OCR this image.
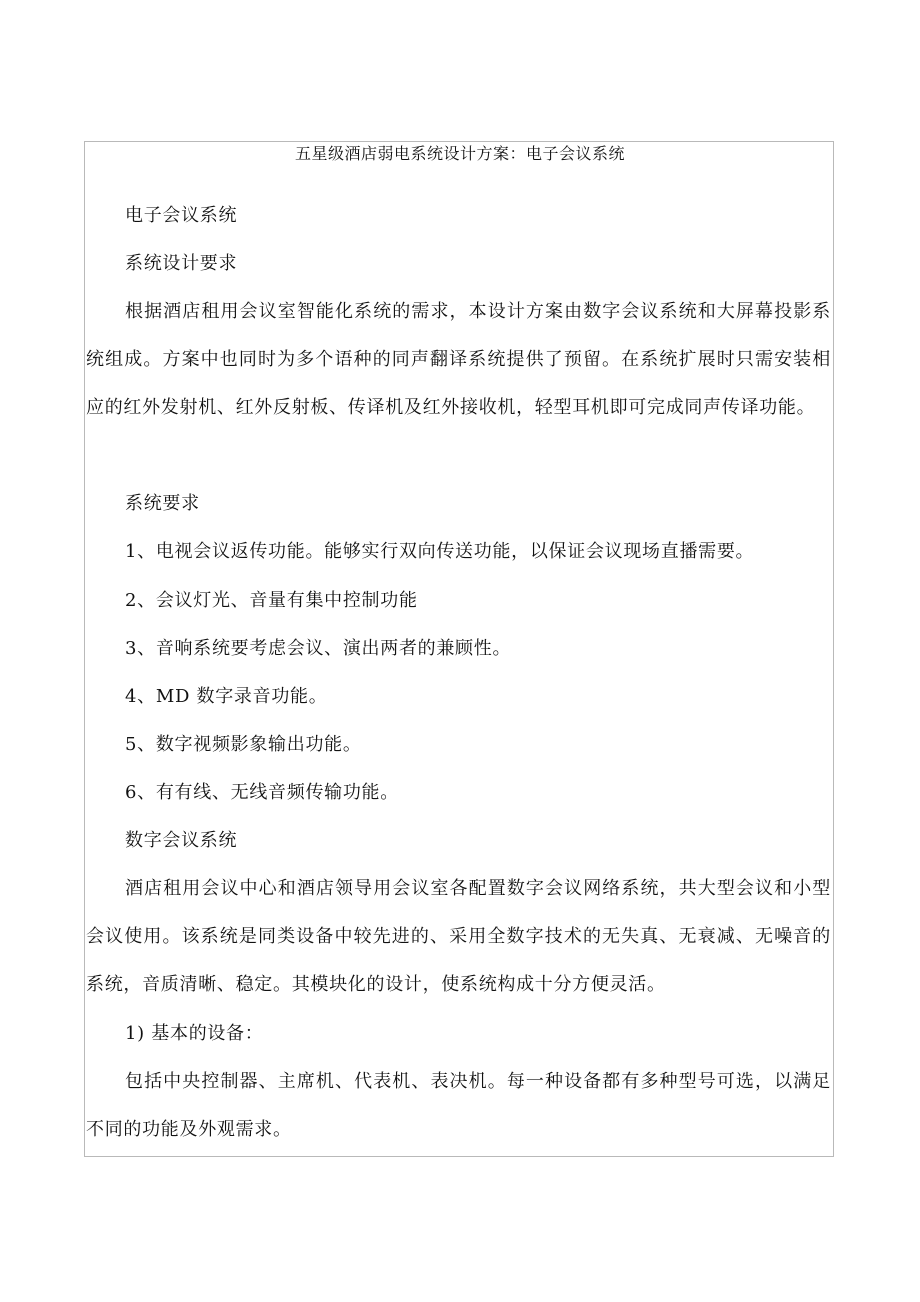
五星级酒店弱电系统设计方案：电子会议系统

电子会议系统

系统设计要求

根据酒店租用会议室智能化系统的需求，本设计方案由数字会议系统和大屏幕投影系统组成。方案中也同时为多个语种的同声翻译系统提供了预留。在系统扩展时只需安装相应的红外发射机、红外反射板、传译机及红外接收机，轻型耳机即可完成同声传译功能。

系统要求

1、电视会议返传功能。能够实行双向传送功能，以保证会议现场直播需要。

2、会议灯光、音量有集中控制功能

3、音响系统要考虑会议、演出两者的兼顾性。

4、MD 数字录音功能。

5、数字视频影象输出功能。

6、有有线、无线音频传输功能。

数字会议系统

酒店租用会议中心和酒店领导用会议室各配置数字会议网络系统，共大型会议和小型会议使用。该系统是同类设备中较先进的、采用全数字技术的无失真、无衰减、无噪音的系统，音质清晰、稳定。其模块化的设计，使系统构成十分方便灵活。

1) 基本的设备：

包括中央控制器、主席机、代表机、表决机。每一种设备都有多种型号可选，以满足不同的功能及外观需求。
